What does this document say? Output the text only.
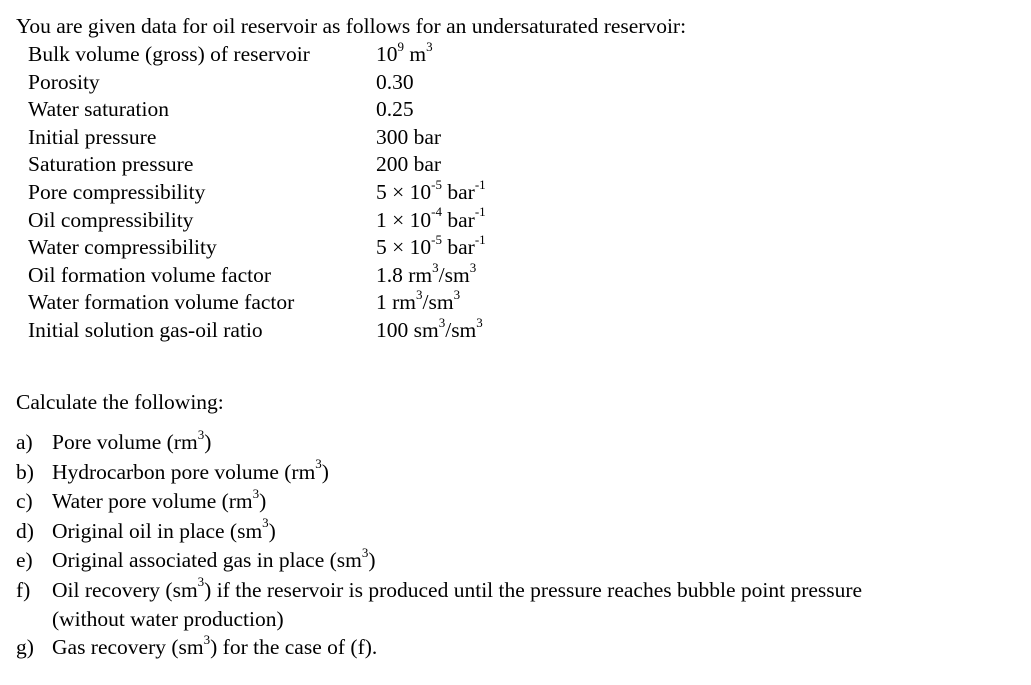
You are given data for oil reservoir as follows for an undersaturated reservoir:
Bulk volume (gross) of reservoir	$10^9$ $m^3$
Porosity	0.30
Water saturation	0.25
Initial pressure	300 bar
Saturation pressure	200 bar
Pore compressibility	$5 \times 10^{-5}$ bar$^{-1}$
Oil compressibility	$1 \times 10^{-4}$ bar$^{-1}$
Water compressibility	$5 \times 10^{-5}$ bar$^{-1}$
Oil formation volume factor	1.8 $rm^3/sm^3$
Water formation volume factor	1 $rm^3/sm^3$
Initial solution gas-oil ratio	100 $sm^3/sm^3$
Calculate the following:
a) Pore volume $(rm^3)$
b) Hydrocarbon pore volume $(rm^3)$
c) Water pore volume $(rm^3)$
d) Original oil in place $(sm^3)$
e) Original associated gas in place $(sm^3)$
f) Oil recovery $(sm^3)$ if the reservoir is produced until the pressure reaches bubble point pressure
(without water production)
g) Gas recovery $(sm^3)$ for the case of (f).
